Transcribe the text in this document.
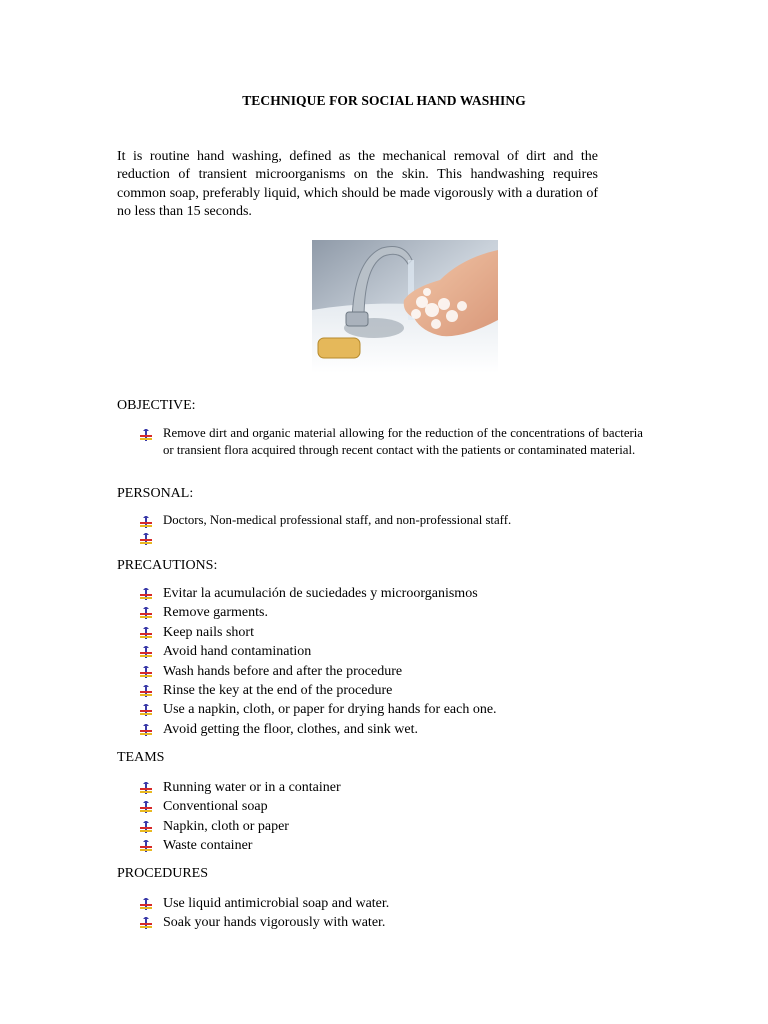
TECHNIQUE FOR SOCIAL HAND WASHING
It is routine hand washing, defined as the mechanical removal of dirt and the reduction of transient microorganisms on the skin. This handwashing requires common soap, preferably liquid, which should be made vigorously with a duration of no less than 15 seconds.
OBJECTIVE:
Remove dirt and organic material allowing for the reduction of the concentrations of bacteria or transient flora acquired through recent contact with the patients or contaminated material.
PERSONAL:
Doctors, Non-medical professional staff, and non-professional staff.
PRECAUTIONS:
Evitar la acumulación de suciedades y microorganismos
Remove garments.
Keep nails short
Avoid hand contamination
Wash hands before and after the procedure
Rinse the key at the end of the procedure
Use a napkin, cloth, or paper for drying hands for each one.
Avoid getting the floor, clothes, and sink wet.
TEAMS
Running water or in a container
Conventional soap
Napkin, cloth or paper
Waste container
PROCEDURES
Use liquid antimicrobial soap and water.
Soak your hands vigorously with water.
